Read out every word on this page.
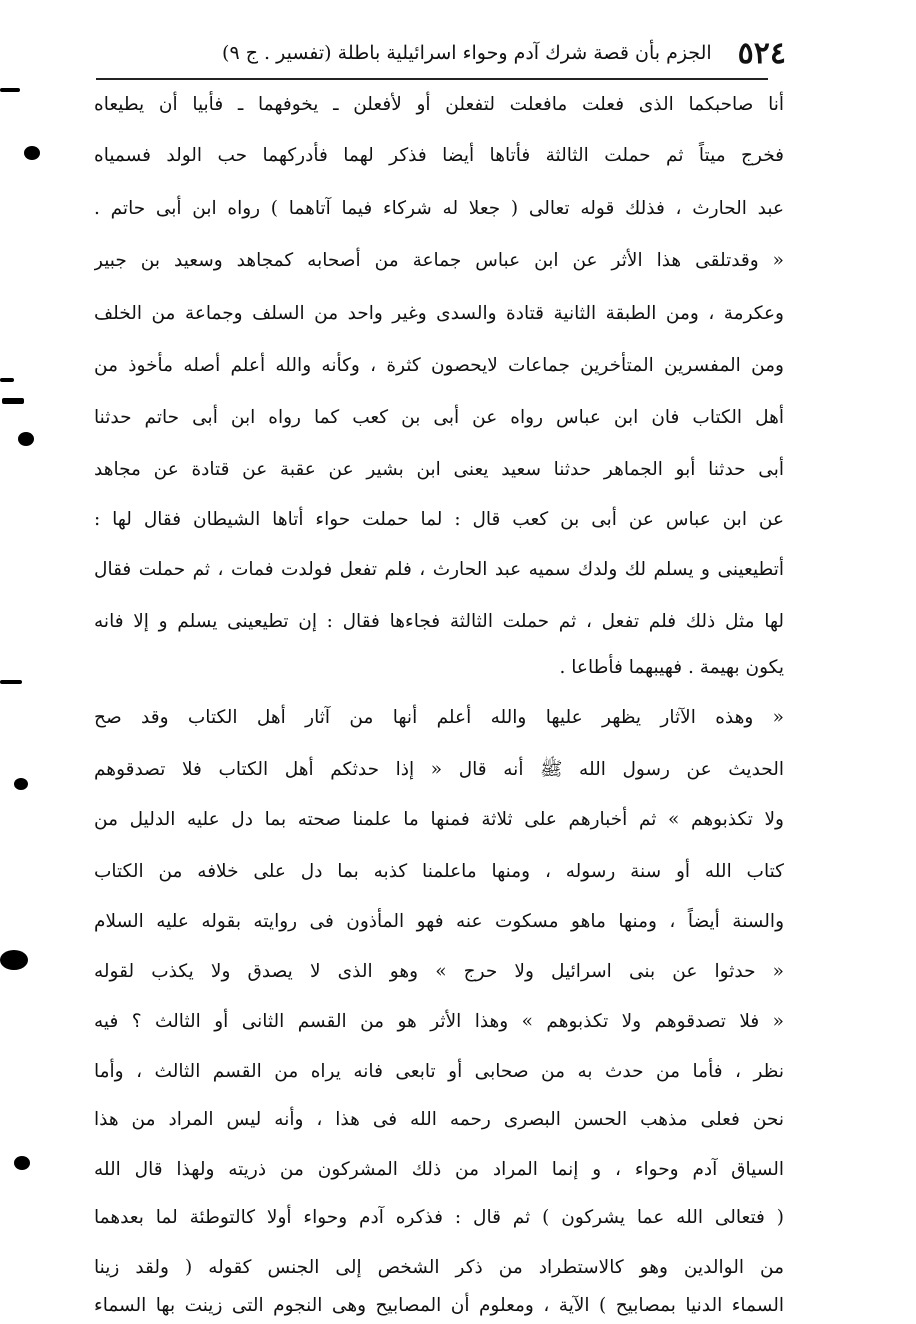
٥٢٤
الجزم بأن قصة شرك آدم وحواء اسرائيلية باطلة (تفسير . ج ٩)
أنا صاحبكما الذى فعلت مافعلت لتفعلن أو لأفعلن ـ يخوفهما ـ فأبيا أن يطيعاه
فخرج ميتاً ثم حملت الثالثة فأتاها أيضا فذكر لهما فأدركهما حب الولد فسمياه
عبد الحارث ، فذلك قوله تعالى ( جعلا له شركاء فيما آتاهما ) رواه ابن أبى حاتم .
« وقدتلقى هذا الأثر عن ابن عباس جماعة من أصحابه كمجاهد وسعيد بن جبير
وعكرمة ، ومن الطبقة الثانية قتادة والسدى وغير واحد من السلف وجماعة من الخلف
ومن المفسرين المتأخرين جماعات لايحصون كثرة ، وكأنه والله أعلم أصله مأخوذ من
أهل الكتاب فان ابن عباس رواه عن أبى بن كعب كما رواه ابن أبى حاتم حدثنا
أبى حدثنا أبو الجماهر حدثنا سعيد يعنى ابن بشير عن عقبة عن قتادة عن مجاهد
عن ابن عباس عن أبى بن كعب قال : لما حملت حواء أتاها الشيطان فقال لها :
أتطيعينى و يسلم لك ولدك سميه عبد الحارث ، فلم تفعل فولدت فمات ، ثم حملت فقال
لها مثل ذلك فلم تفعل ، ثم حملت الثالثة فجاءها فقال : إن تطيعينى يسلم و إلا فانه
يكون بهيمة . فهيبهما فأطاعا .
« وهذه الآثار يظهر عليها والله أعلم أنها من آثار أهل الكتاب وقد صح
الحديث عن رسول الله ﷺ أنه قال « إذا حدثكم أهل الكتاب فلا تصدقوهم
ولا تكذبوهم » ثم أخبارهم على ثلاثة فمنها ما علمنا صحته بما دل عليه الدليل من
كتاب الله أو سنة رسوله ، ومنها ماعلمنا كذبه بما دل على خلافه من الكتاب
والسنة أيضاً ، ومنها ماهو مسكوت عنه فهو المأذون فى روايته بقوله عليه السلام
« حدثوا عن بنى اسرائيل ولا حرج » وهو الذى لا يصدق ولا يكذب لقوله
« فلا تصدقوهم ولا تكذبوهم » وهذا الأثر هو من القسم الثانى أو الثالث ؟ فيه
نظر ، فأما من حدث به من صحابى أو تابعى فانه يراه من القسم الثالث ، وأما
نحن فعلى مذهب الحسن البصرى رحمه الله فى هذا ، وأنه ليس المراد من هذا
السياق آدم وحواء ، و إنما المراد من ذلك المشركون من ذريته ولهذا قال الله
( فتعالى الله عما يشركون ) ثم قال : فذكره آدم وحواء أولا كالتوطئة لما بعدهما
من الوالدين وهو كالاستطراد من ذكر الشخص إلى الجنس كقوله ( ولقد زينا
السماء الدنيا بمصابيح ) الآية ، ومعلوم أن المصابيح وهى النجوم التى زينت بها السماء
